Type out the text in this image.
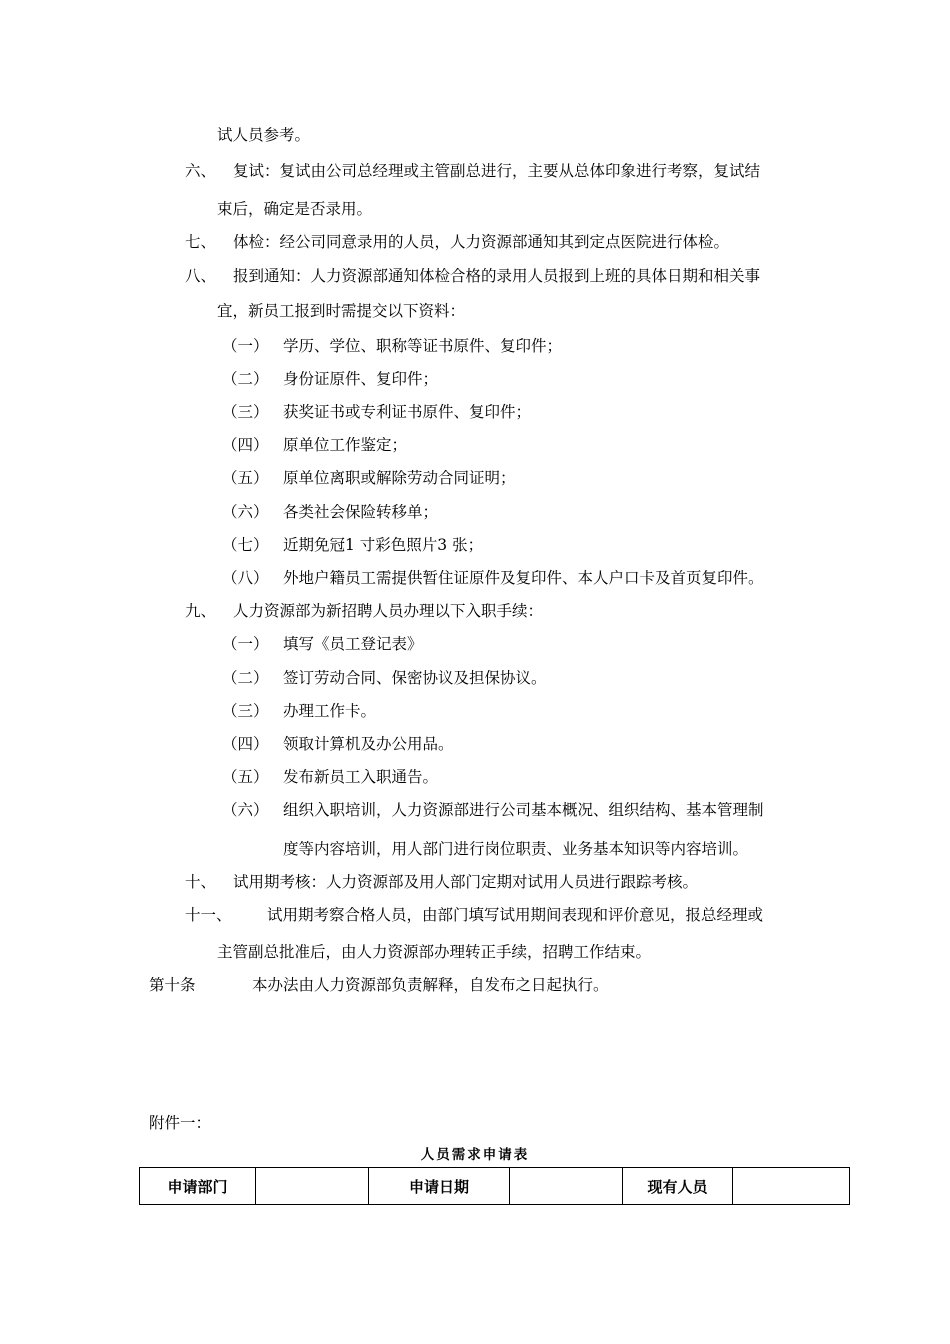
试人员参考。
六、 复试：复试由公司总经理或主管副总进行，主要从总体印象进行考察，复试结
束后，确定是否录用。
七、 体检：经公司同意录用的人员，人力资源部通知其到定点医院进行体检。
八、 报到通知：人力资源部通知体检合格的录用人员报到上班的具体日期和相关事
宜，新员工报到时需提交以下资料：
（一） 学历、学位、职称等证书原件、复印件；
（二） 身份证原件、复印件；
（三） 获奖证书或专利证书原件、复印件；
（四） 原单位工作鉴定；
（五） 原单位离职或解除劳动合同证明；
（六） 各类社会保险转移单；
（七） 近期免冠1 寸彩色照片3 张；
（八） 外地户籍员工需提供暂住证原件及复印件、本人户口卡及首页复印件。
九、 人力资源部为新招聘人员办理以下入职手续：
（一） 填写《员工登记表》
（二） 签订劳动合同、保密协议及担保协议。
（三） 办理工作卡。
（四） 领取计算机及办公用品。
（五） 发布新员工入职通告。
（六） 组织入职培训，人力资源部进行公司基本概况、组织结构、基本管理制
度等内容培训，用人部门进行岗位职责、业务基本知识等内容培训。
十、 试用期考核：人力资源部及用人部门定期对试用人员进行跟踪考核。
十一、 试用期考察合格人员，由部门填写试用期间表现和评价意见，报总经理或
主管副总批准后，由人力资源部办理转正手续，招聘工作结束。
第十条	本办法由人力资源部负责解释，自发布之日起执行。
附件一：
人员需求申请表
申请部门		申请日期		现有人员	
